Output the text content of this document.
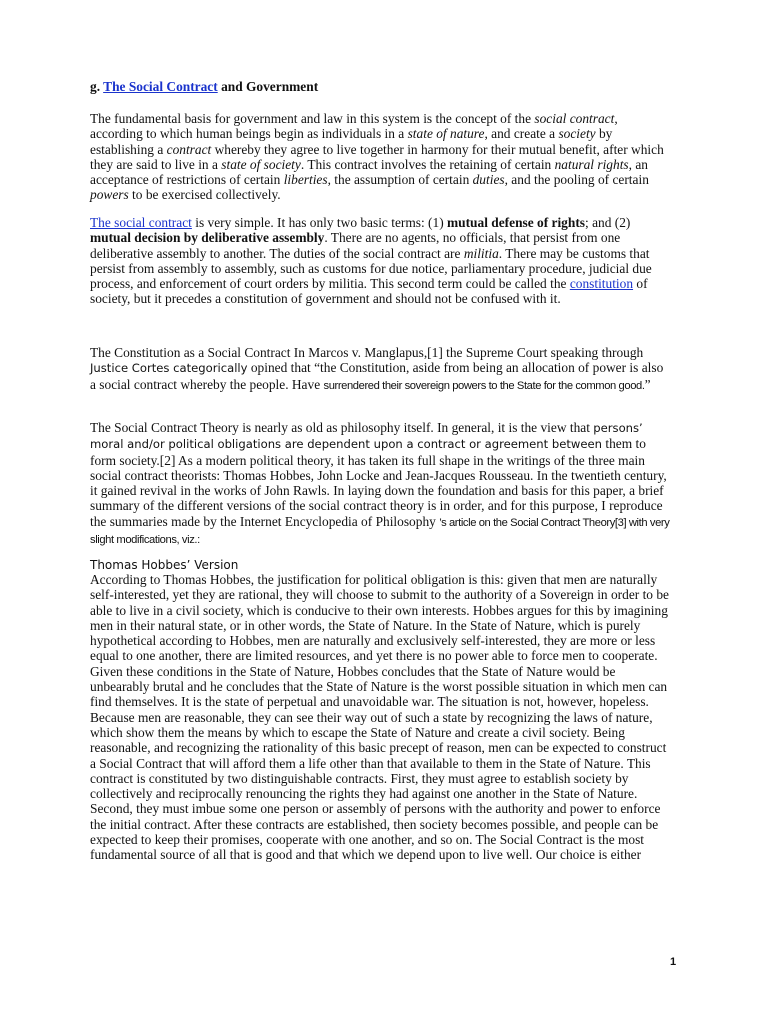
g. The Social Contract and Government
The fundamental basis for government and law in this system is the concept of the social contract, according to which human beings begin as individuals in a state of nature, and create a society by establishing a contract whereby they agree to live together in harmony for their mutual benefit, after which they are said to live in a state of society. This contract involves the retaining of certain natural rights, an acceptance of restrictions of certain liberties, the assumption of certain duties, and the pooling of certain powers to be exercised collectively.
The social contract is very simple. It has only two basic terms: (1) mutual defense of rights; and (2) mutual decision by deliberative assembly. There are no agents, no officials, that persist from one deliberative assembly to another. The duties of the social contract are militia. There may be customs that persist from assembly to assembly, such as customs for due notice, parliamentary procedure, judicial due process, and enforcement of court orders by militia. This second term could be called the constitution of society, but it precedes a constitution of government and should not be confused with it.
The Constitution as a Social Contract In Marcos v. Manglapus,[1] the Supreme Court speaking through Justice Cortes categorically opined that “the Constitution, aside from being an allocation of power is also a social contract whereby the people. Have surrendered their sovereign powers to the State for the common good.”
The Social Contract Theory is nearly as old as philosophy itself. In general, it is the view that persons’ moral and/or political obligations are dependent upon a contract or agreement between them to form society.[2] As a modern political theory, it has taken its full shape in the writings of the three main social contract theorists: Thomas Hobbes, John Locke and Jean-Jacques Rousseau. In the twentieth century, it gained revival in the works of John Rawls. In laying down the foundation and basis for this paper, a brief summary of the different versions of the social contract theory is in order, and for this purpose, I reproduce the summaries made by the Internet Encyclopedia of Philosophy ’s article on the Social Contract Theory[3] with very slight modifications, viz.:
Thomas Hobbes’ Version
According to Thomas Hobbes, the justification for political obligation is this: given that men are naturally self-interested, yet they are rational, they will choose to submit to the authority of a Sovereign in order to be able to live in a civil society, which is conducive to their own interests. Hobbes argues for this by imagining men in their natural state, or in other words, the State of Nature. In the State of Nature, which is purely hypothetical according to Hobbes, men are naturally and exclusively self-interested, they are more or less equal to one another, there are limited resources, and yet there is no power able to force men to cooperate. Given these conditions in the State of Nature, Hobbes concludes that the State of Nature would be unbearably brutal and he concludes that the State of Nature is the worst possible situation in which men can find themselves. It is the state of perpetual and unavoidable war. The situation is not, however, hopeless. Because men are reasonable, they can see their way out of such a state by recognizing the laws of nature, which show them the means by which to escape the State of Nature and create a civil society. Being reasonable, and recognizing the rationality of this basic precept of reason, men can be expected to construct a Social Contract that will afford them a life other than that available to them in the State of Nature. This contract is constituted by two distinguishable contracts. First, they must agree to establish society by collectively and reciprocally renouncing the rights they had against one another in the State of Nature. Second, they must imbue some one person or assembly of persons with the authority and power to enforce the initial contract. After these contracts are established, then society becomes possible, and people can be expected to keep their promises, cooperate with one another, and so on. The Social Contract is the most fundamental source of all that is good and that which we depend upon to live well. Our choice is either
1
